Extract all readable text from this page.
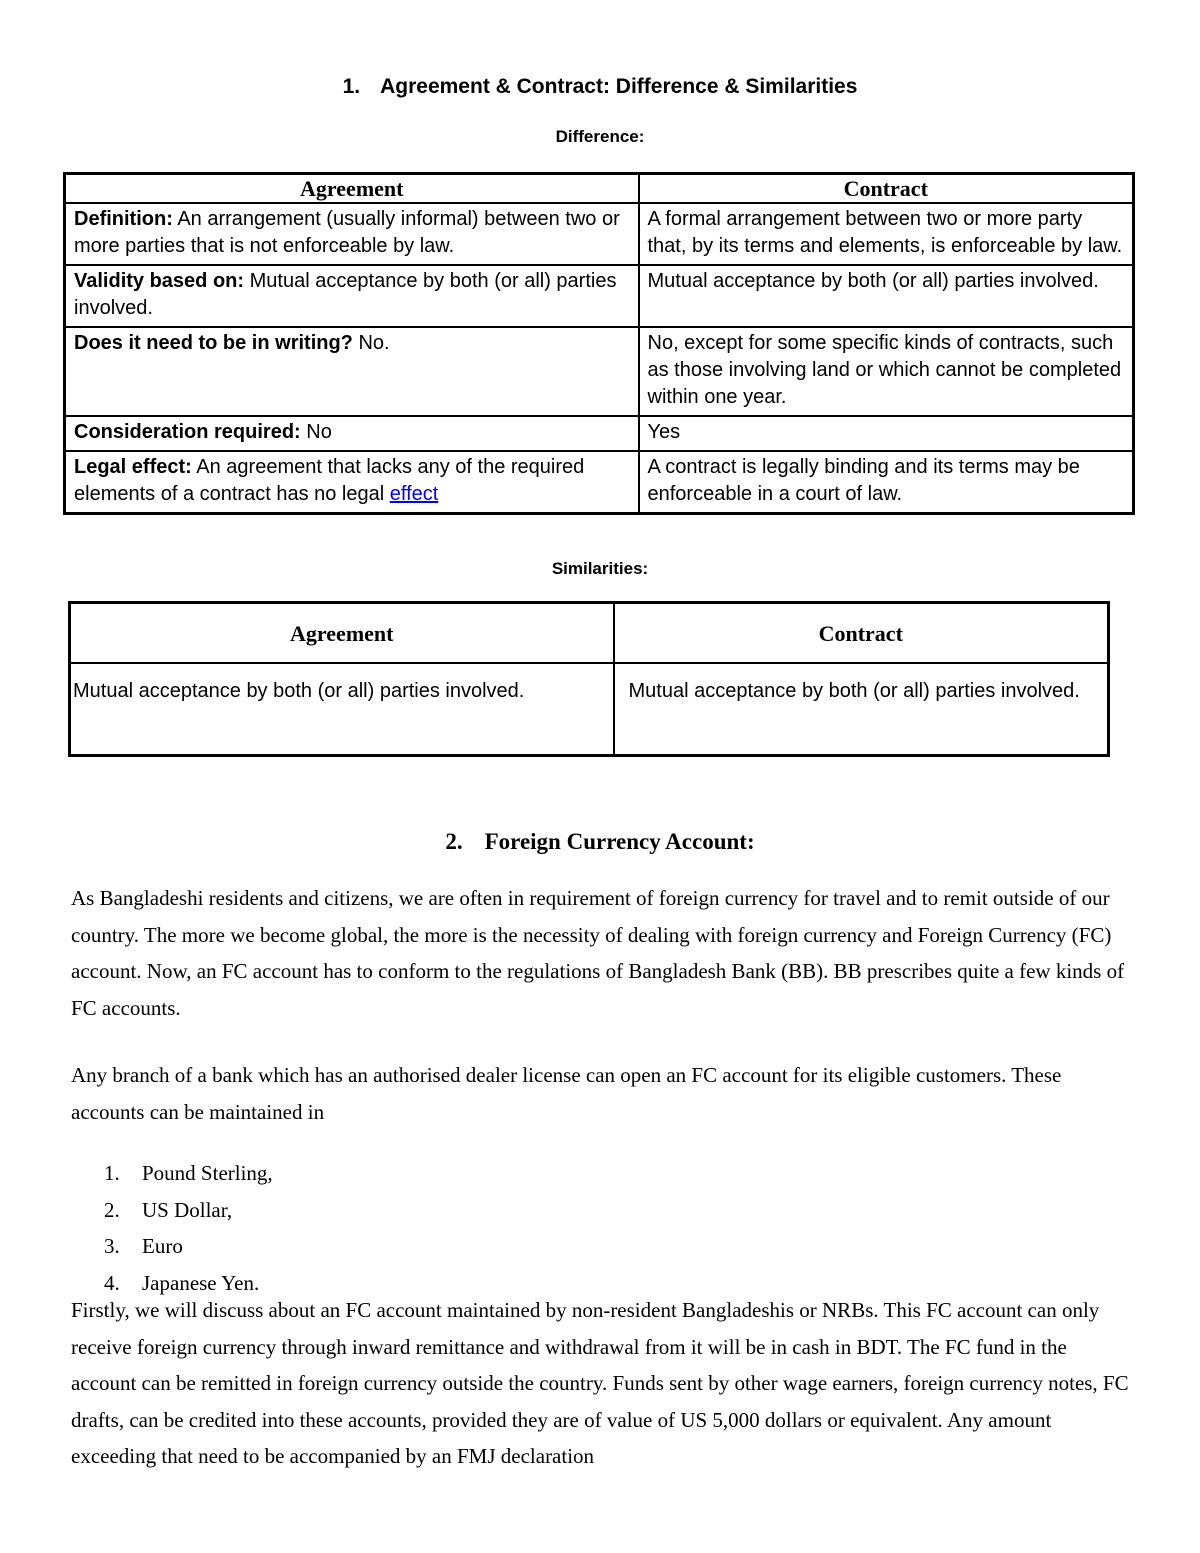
1. Agreement & Contract: Difference & Similarities
Difference:
Agreement	Contract
Definition: An arrangement (usually informal) between two or more parties that is not enforceable by law.	A formal arrangement between two or more party that, by its terms and elements, is enforceable by law.
Validity based on: Mutual acceptance by both (or all) parties involved.	Mutual acceptance by both (or all) parties involved.
Does it need to be in writing? No.	No, except for some specific kinds of contracts, such as those involving land or which cannot be completed within one year.
Consideration required: No	Yes
Legal effect: An agreement that lacks any of the required elements of a contract has no legal effect	A contract is legally binding and its terms may be enforceable in a court of law.
Similarities:
Agreement	Contract
Mutual acceptance by both (or all) parties involved.	Mutual acceptance by both (or all) parties involved.
2. Foreign Currency Account:

As Bangladeshi residents and citizens, we are often in requirement of foreign currency for travel and to remit outside of our country. The more we become global, the more is the necessity of dealing with foreign currency and Foreign Currency (FC) account. Now, an FC account has to conform to the regulations of Bangladesh Bank (BB). BB prescribes quite a few kinds of FC accounts.

Any branch of a bank which has an authorised dealer license can open an FC account for its eligible customers. These accounts can be maintained in

1.	Pound Sterling,
2.	US Dollar,
3.	Euro
4.	Japanese Yen.

Firstly, we will discuss about an FC account maintained by non-resident Bangladeshis or NRBs. This FC account can only receive foreign currency through inward remittance and withdrawal from it will be in cash in BDT. The FC fund in the account can be remitted in foreign currency outside the country. Funds sent by other wage earners, foreign currency notes, FC drafts, can be credited into these accounts, provided they are of value of US 5,000 dollars or equivalent. Any amount exceeding that need to be accompanied by an FMJ declaration
